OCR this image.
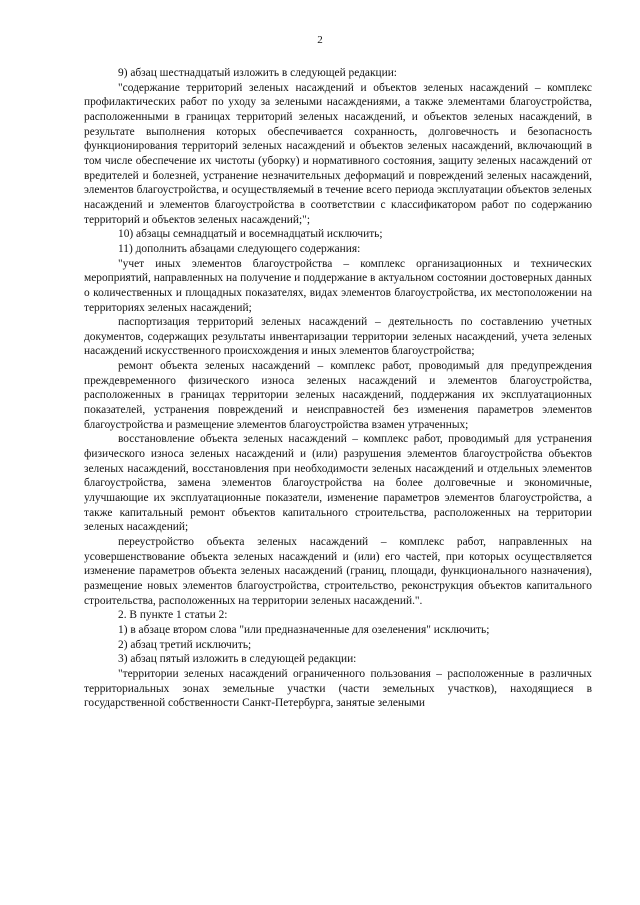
2

9) абзац шестнадцатый изложить в следующей редакции:

"содержание территорий зеленых насаждений и объектов зеленых насаждений – комплекс профилактических работ по уходу за зелеными насаждениями, а также элементами благоустройства, расположенными в границах территорий зеленых насаждений, и объектов зеленых насаждений, в результате выполнения которых обеспечивается сохранность, долговечность и безопасность функционирования территорий зеленых насаждений и объектов зеленых насаждений, включающий в том числе обеспечение их чистоты (уборку) и нормативного состояния, защиту зеленых насаждений от вредителей и болезней, устранение незначительных деформаций и повреждений зеленых насаждений, элементов благоустройства, и осуществляемый в течение всего периода эксплуатации объектов зеленых насаждений и элементов благоустройства в соответствии с классификатором работ по содержанию территорий и объектов зеленых насаждений;";

10) абзацы семнадцатый и восемнадцатый исключить;

11) дополнить абзацами следующего содержания:

"учет иных элементов благоустройства – комплекс организационных и технических мероприятий, направленных на получение и поддержание в актуальном состоянии достоверных данных о количественных и площадных показателях, видах элементов благоустройства, их местоположении на территориях зеленых насаждений;

паспортизация территорий зеленых насаждений – деятельность по составлению учетных документов, содержащих результаты инвентаризации территории зеленых насаждений, учета зеленых насаждений искусственного происхождения и иных элементов благоустройства;

ремонт объекта зеленых насаждений – комплекс работ, проводимый для предупреждения преждевременного физического износа зеленых насаждений и элементов благоустройства, расположенных в границах территории зеленых насаждений, поддержания их эксплуатационных показателей, устранения повреждений и неисправностей без изменения параметров элементов благоустройства и размещение элементов благоустройства взамен утраченных;

восстановление объекта зеленых насаждений – комплекс работ, проводимый для устранения физического износа зеленых насаждений и (или) разрушения элементов благоустройства объектов зеленых насаждений, восстановления при необходимости зеленых насаждений и отдельных элементов благоустройства, замена элементов благоустройства на более долговечные и экономичные, улучшающие их эксплуатационные показатели, изменение параметров элементов благоустройства, а также капитальный ремонт объектов капитального строительства, расположенных на территории зеленых насаждений;

переустройство объекта зеленых насаждений – комплекс работ, направленных на усовершенствование объекта зеленых насаждений и (или) его частей, при которых осуществляется изменение параметров объекта зеленых насаждений (границ, площади, функционального назначения), размещение новых элементов благоустройства, строительство, реконструкция объектов капитального строительства, расположенных на территории зеленых насаждений.".

2. В пункте 1 статьи 2:

1) в абзаце втором слова "или предназначенные для озеленения" исключить;

2) абзац третий исключить;

3) абзац пятый изложить в следующей редакции:

"территории зеленых насаждений ограниченного пользования – расположенные в различных территориальных зонах земельные участки (части земельных участков), находящиеся в государственной собственности Санкт-Петербурга, занятые зелеными
